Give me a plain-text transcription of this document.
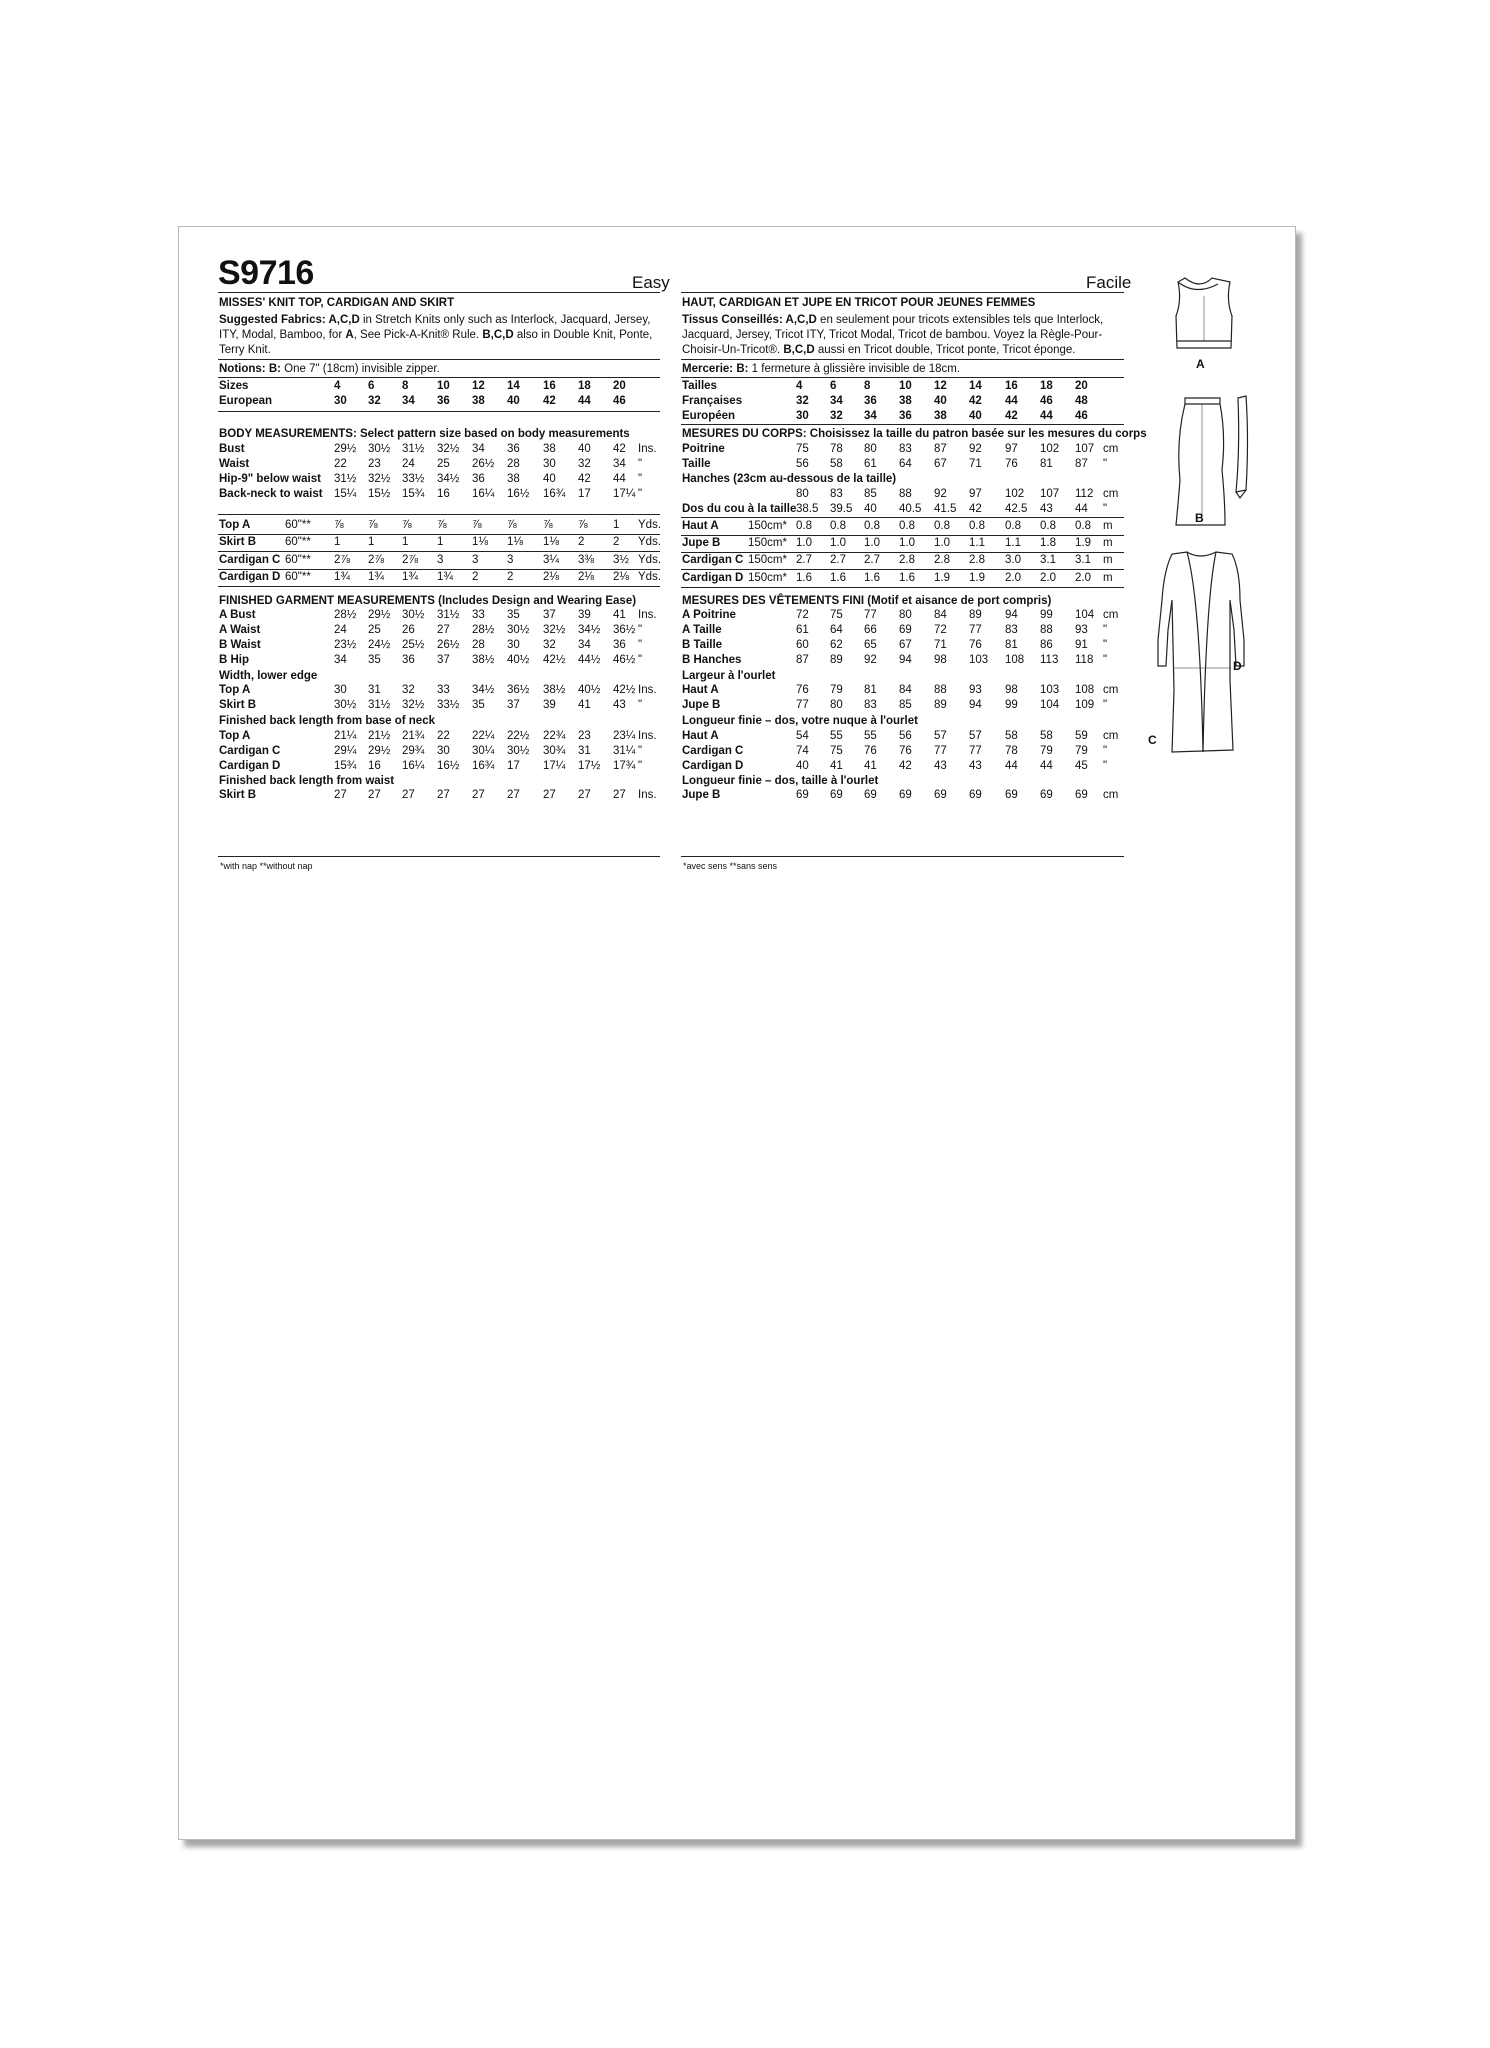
S9716	Easy	Facile
MISSES' KNIT TOP, CARDIGAN AND SKIRT
Suggested Fabrics: A,C,D in Stretch Knits only such as Interlock, Jacquard, Jersey, ITY, Modal, Bamboo, for A, See Pick-A-Knit® Rule. B,C,D also in Double Knit, Ponte, Terry Knit.
Notions: B: One 7" (18cm) invisible zipper.
Sizes	4 6 8 10 12 14 16 18 20
European	30 32 34 36 38 40 42 44 46
BODY MEASUREMENTS: Select pattern size based on body measurements
Bust	29½ 30½ 31½ 32½ 34 36 38 40 42 Ins.
Waist	22 23 24 25 26½ 28 30 32 34 "
Hip-9" below waist 31½ 32½ 33½ 34½ 36 38 40 42 44 "
Back-neck to waist 15¼ 15½ 15¾ 16 16¼ 16½ 16¾ 17 17¼ "
Top A	60"** ⅞ ⅞ ⅞ ⅞ ⅞ ⅞ ⅞ ⅞ 1 Yds.
Skirt B	60"** 1 1 1 1 1⅛ 1⅛ 1⅛ 2 2 Yds.
Cardigan C 60"** 2⅞ 2⅞ 2⅞ 3 3 3	3¼ 3⅜ 3½ Yds.
Cardigan D 60"** 1¾ 1¾ 1¾ 1¾ 2 2	2⅛ 2⅛ 2⅛ Yds.
FINISHED GARMENT MEASUREMENTS (Includes Design and Wearing Ease)
A Bust	28½ 29½ 30½ 31½ 33 35 37 39 41 Ins.
A Waist	24 25 26 27 28½ 30½ 32½ 34½ 36½ "
B Waist	23½ 24½ 25½ 26½ 28 30 32 34 36 "
B Hip	34 35 36 37 38½ 40½ 42½ 44½ 46½ "
Width, lower edge
Top A	30 31 32 33 34½ 36½ 38½ 40½ 42½ Ins.
Skirt B	30½ 31½ 32½ 33½ 35 37 39 41 43 "
Finished back length from base of neck
Top A	21¼ 21½ 21¾ 22 22¼ 22½ 22¾ 23 23¼ Ins.
Cardigan C	29¼ 29½ 29¾ 30 30¼ 30½ 30¾ 31 31¼ "
Cardigan D	15¾ 16 16¼ 16½ 16¾ 17 17¼ 17½ 17¾ "
Finished back length from waist
Skirt B	27 27 27 27 27 27 27 27 27 Ins.
HAUT, CARDIGAN ET JUPE EN TRICOT POUR JEUNES FEMMES
Tissus Conseillés: A,C,D en seulement pour tricots extensibles tels que Interlock, Jacquard, Jersey, Tricot ITY, Tricot Modal, Tricot de bambou. Voyez la Règle-Pour-Choisir-Un-Tricot®. B,C,D aussi en Tricot double, Tricot ponte, Tricot éponge.
Mercerie: B: 1 fermeture à glissière invisible de 18cm.
Tailles	4 6 8 10 12 14 16 18 20
Françaises	32 34 36 38 40 42 44 46 48
Européen	30 32 34 36 38 40 42 44 46
MESURES DU CORPS: Choisissez la taille du patron basée sur les mesures du corps
Poitrine	75 78 80 83 87 92 97 102 107 cm
Taille	56 58 61 64 67 71 76 81 87 "
Hanches (23cm au-dessous de la taille)
80 83 85 88 92 97 102 107 112 cm
Dos du cou à la taille 38.5 39.5 40 40.5 41.5 42 42.5 43 44 "
Haut A	150cm* 0.8 0.8 0.8 0.8 0.8 0.8 0.8 0.8 0.8 m
Jupe B 150cm* 1.0 1.0 1.0 1.0 1.0 1.1 1.1 1.8 1.9 m
Cardigan C 150cm* 2.7 2.7 2.7 2.8 2.8 2.8 3.0 3.1 3.1 m
Cardigan D 150cm* 1.6 1.6 1.6 1.6 1.9 1.9 2.0 2.0 2.0 m
MESURES DES VÊTEMENTS FINI (Motif et aisance de port compris)
A Poitrine	72 75 77 80 84 89 94 99 104 cm
A Taille	61 64 66 69 72 77 83 88 93 "
B Taille	60 62 65 67 71 76 81 86 91 "
B Hanches	87 89 92 94 98 103 108 113 118 "
Largeur à l'ourlet
Haut A	76 79 81 84 88 93 98 103 108 cm
Jupe B	77 80 83 85 89 94 99 104 109 "
Longueur finie – dos, votre nuque à l'ourlet
Haut A	54 55 55 56 57 57 58 58 59 cm
Cardigan C	74 75 76 76 77 77 78 79 79 "
Cardigan D	40 41 41 42 43 43 44 44 45 "
Longueur finie – dos, taille à l'ourlet
Jupe B	69 69 69 69 69 69 69 69 69 cm
*with nap **without nap	*avec sens **sans sens
A
B
C
D
